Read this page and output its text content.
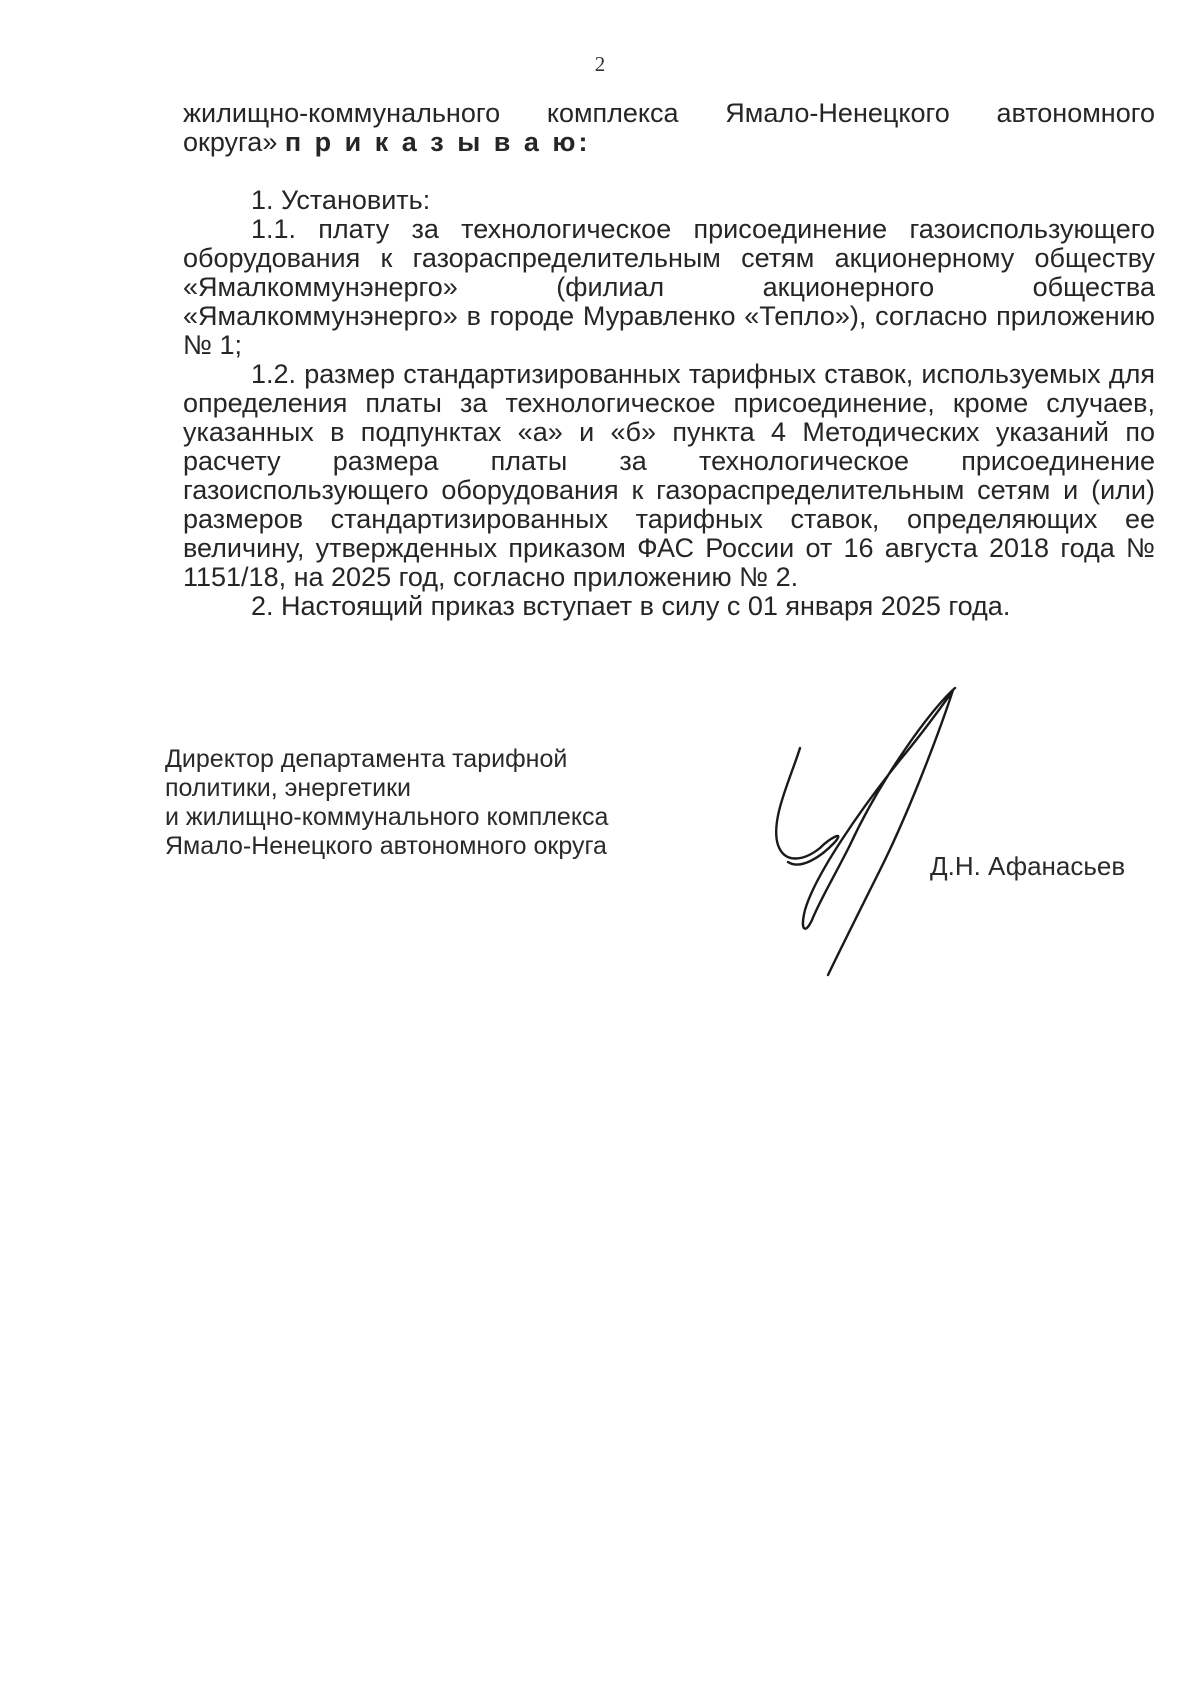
2

жилищно-коммунального комплекса Ямало-Ненецкого автономного

округа» п р и к а з ы в а ю:

1. Установить:

1.1. плату за технологическое присоединение газоиспользующего оборудования к газораспределительным сетям акционерному обществу «Ямалкоммунэнерго» (филиал акционерного общества «Ямалкоммунэнерго» в городе Муравленко «Тепло»), согласно приложению № 1;

1.2. размер стандартизированных тарифных ставок, используемых для определения платы за технологическое присоединение, кроме случаев, указанных в подпунктах «а» и «б» пункта 4 Методических указаний по расчету размера платы за технологическое присоединение газоиспользующего оборудования к газораспределительным сетям и (или) размеров стандартизированных тарифных ставок, определяющих ее величину, утвержденных приказом ФАС России от 16 августа 2018 года № 1151/18, на 2025 год, согласно приложению № 2.

2. Настоящий приказ вступает в силу с 01 января 2025 года.

Директор департамента тарифной
политики, энергетики
и жилищно-коммунального комплекса
Ямало-Ненецкого автономного округа
Д.Н. Афанасьев
